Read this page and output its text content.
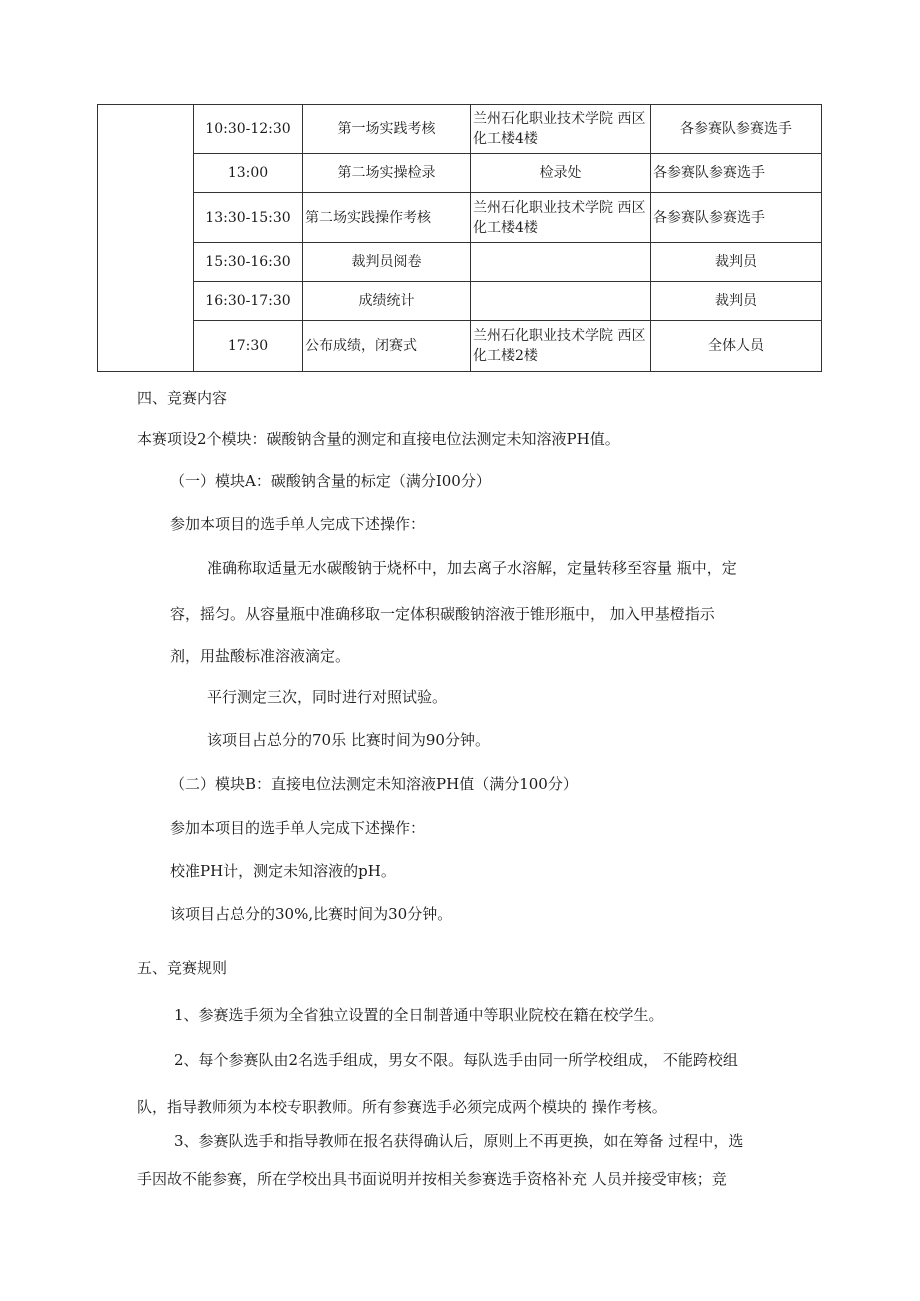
	10:30-12:30	第一场实践考核	兰州石化职业技术学院 西区化工楼4楼	各参赛队参赛选手
	13:00	第二场实操检录	检录处	各参赛队参赛选手
	13:30-15:30	第二场实践操作考核	兰州石化职业技术学院 西区化工楼4楼	各参赛队参赛选手
	15:30-16:30	裁判员阅卷		裁判员
	16:30-17:30	成绩统计		裁判员
	17:30	公布成绩，闭赛式	兰州石化职业技术学院 西区化工楼2楼	全体人员
四、竞赛内容
本赛项设2个模块：碳酸钠含量的测定和直接电位法测定未知溶液PH值。
（一）模块A：碳酸钠含量的标定（满分I00分）
参加本项目的选手单人完成下述操作：
准确称取适量无水碳酸钠于烧杯中，加去离子水溶解，定量转移至容量 瓶中，定
容，摇匀。从容量瓶中准确移取一定体积碳酸钠溶液于锥形瓶中， 加入甲基橙指示
剂，用盐酸标准溶液滴定。
平行测定三次，同时进行对照试验。
该项目占总分的70乐 比赛时间为90分钟。
（二）模块B：直接电位法测定未知溶液PH值（满分100分）
参加本项目的选手单人完成下述操作：
校准PH计，测定未知溶液的pH。
该项目占总分的30%,比赛时间为30分钟。
五、竞赛规则
1、参赛选手须为全省独立设置的全日制普通中等职业院校在籍在校学生。
2、每个参赛队由2名选手组成，男女不限。每队选手由同一所学校组成， 不能跨校组
队，指导教师须为本校专职教师。所有参赛选手必须完成两个模块的 操作考核。
3、参赛队选手和指导教师在报名获得确认后，原则上不再更换，如在筹备 过程中，选
手因故不能参赛，所在学校出具书面说明并按相关参赛选手资格补充 人员并接受审核；竞
